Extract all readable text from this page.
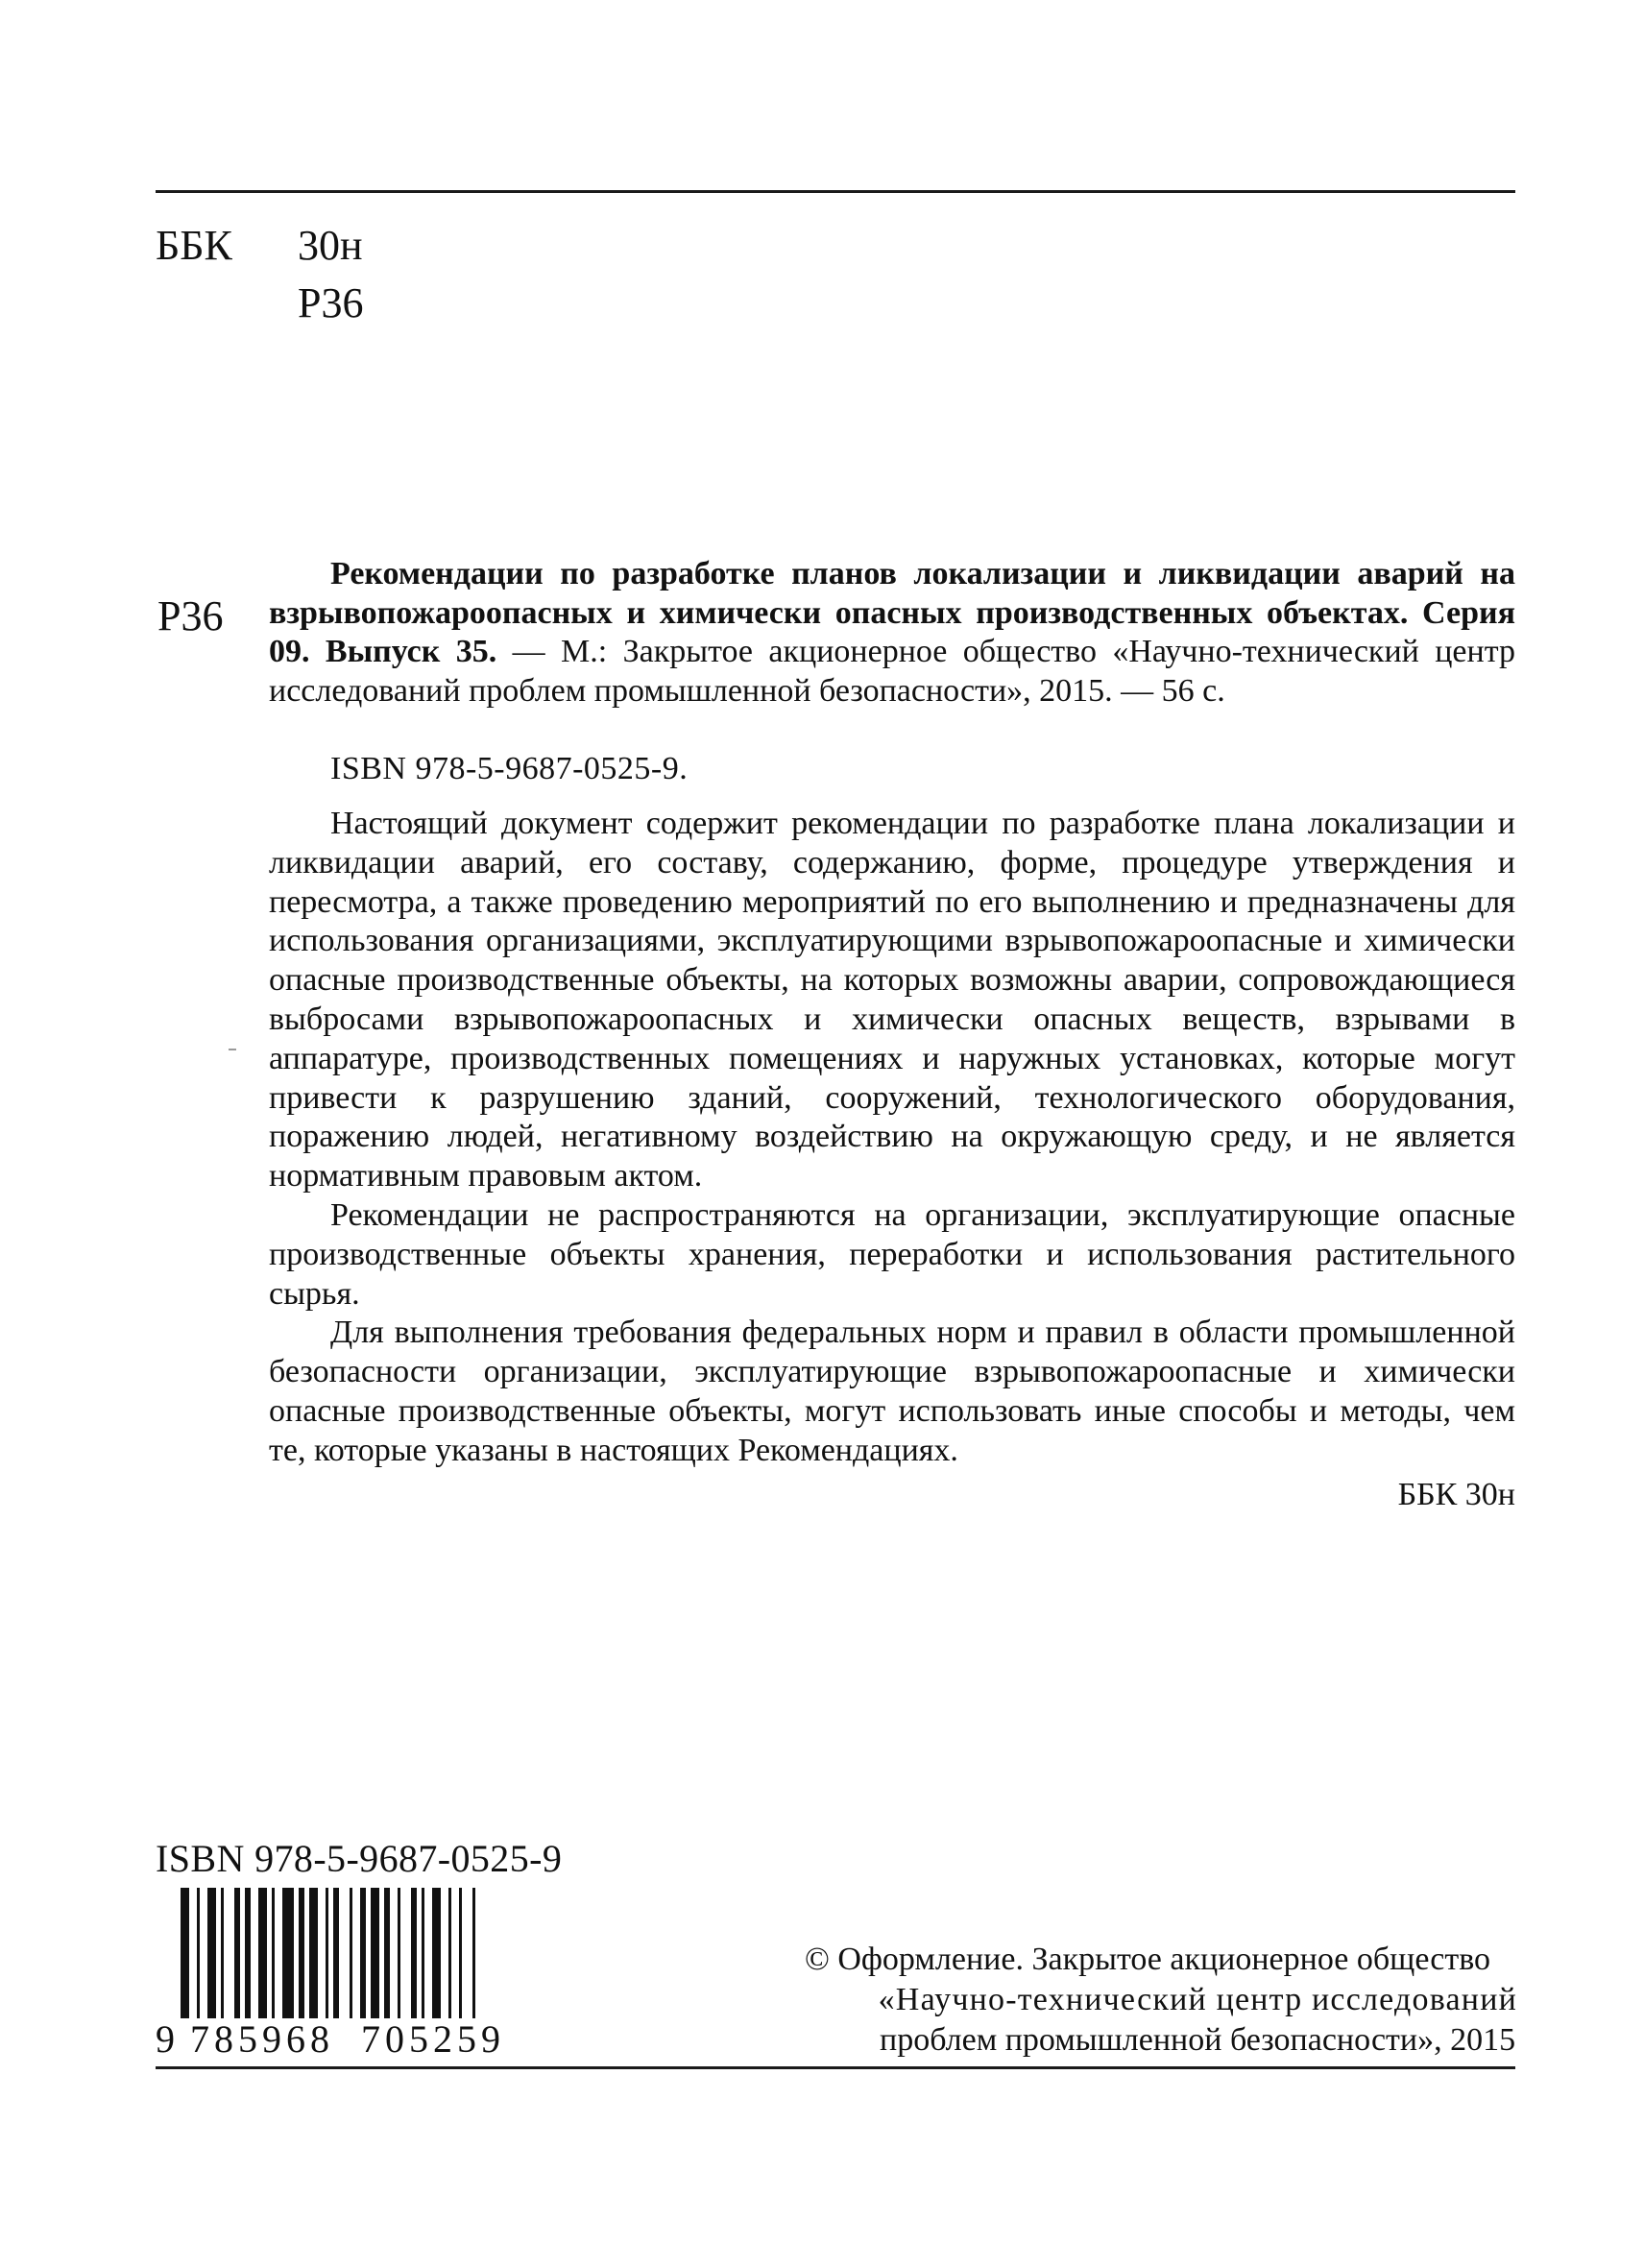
ББК 30н
Р36
Р36
Рекомендации по разработке планов локализации и ликвидации аварий на взрывопожароопасных и химически опасных производственных объектах. Серия 09. Выпуск 35. — М.: Закрытое акционерное общество «Научно-технический центр исследований проблем промышленной безопасности», 2015. — 56 с.
ISBN 978-5-9687-0525-9.

Настоящий документ содержит рекомендации по разработке плана локализации и ликвидации аварий, его составу, содержанию, форме, процедуре утверждения и пересмотра, а также проведению мероприятий по его выполнению и предназначены для использования организациями, эксплуатирующими взрывопожароопасные и химически опасные производственные объекты, на которых возможны аварии, сопровождающиеся выбросами взрывопожароопасных и химически опасных веществ, взрывами в аппаратуре, производственных помещениях и наружных установках, которые могут привести к разрушению зданий, сооружений, технологического оборудования, поражению людей, негативному воздействию на окружающую среду, и не является нормативным правовым актом.

Рекомендации не распространяются на организации, эксплуатирующие опасные производственные объекты хранения, переработки и использования растительного сырья.

Для выполнения требования федеральных норм и правил в области промышленной безопасности организации, эксплуатирующие взрывопожароопасные и химически опасные производственные объекты, могут использовать иные способы и методы, чем те, которые указаны в настоящих Рекомендациях.

ББК 30н
ISBN 978-5-9687-0525-9
9 785968 705259
© Оформление. Закрытое акционерное общество
«Научно-технический центр исследований
проблем промышленной безопасности», 2015
